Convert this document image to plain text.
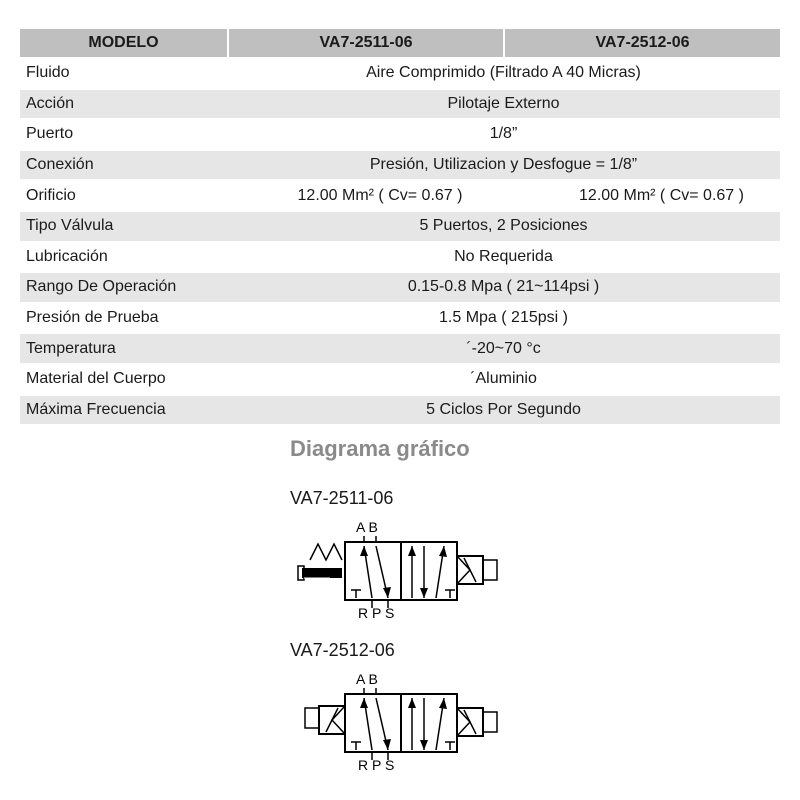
MODELO	VA7-2511-06	VA7-2512-06
Fluido	Aire Comprimido (Filtrado A 40 Micras)	
Acción	Pilotaje Externo	
Puerto	1/8”	
Conexión	Presión, Utilizacion y Desfogue = 1/8”	
Orificio	12.00 Mm² ( Cv= 0.67 )	12.00 Mm² ( Cv= 0.67 )
Tipo Válvula	5 Puertos, 2 Posiciones	
Lubricación	No Requerida	
Rango De Operación	0.15-0.8 Mpa ( 21~114psi )	
Presión de Prueba	1.5 Mpa ( 215psi )	
Temperatura	´-20~70 °c	
Material del Cuerpo	´Aluminio	
Máxima Frecuencia	5 Ciclos Por Segundo	
Diagrama gráfico
VA7-2511-06
A B
R P S
VA7-2512-06
A B
R P S
